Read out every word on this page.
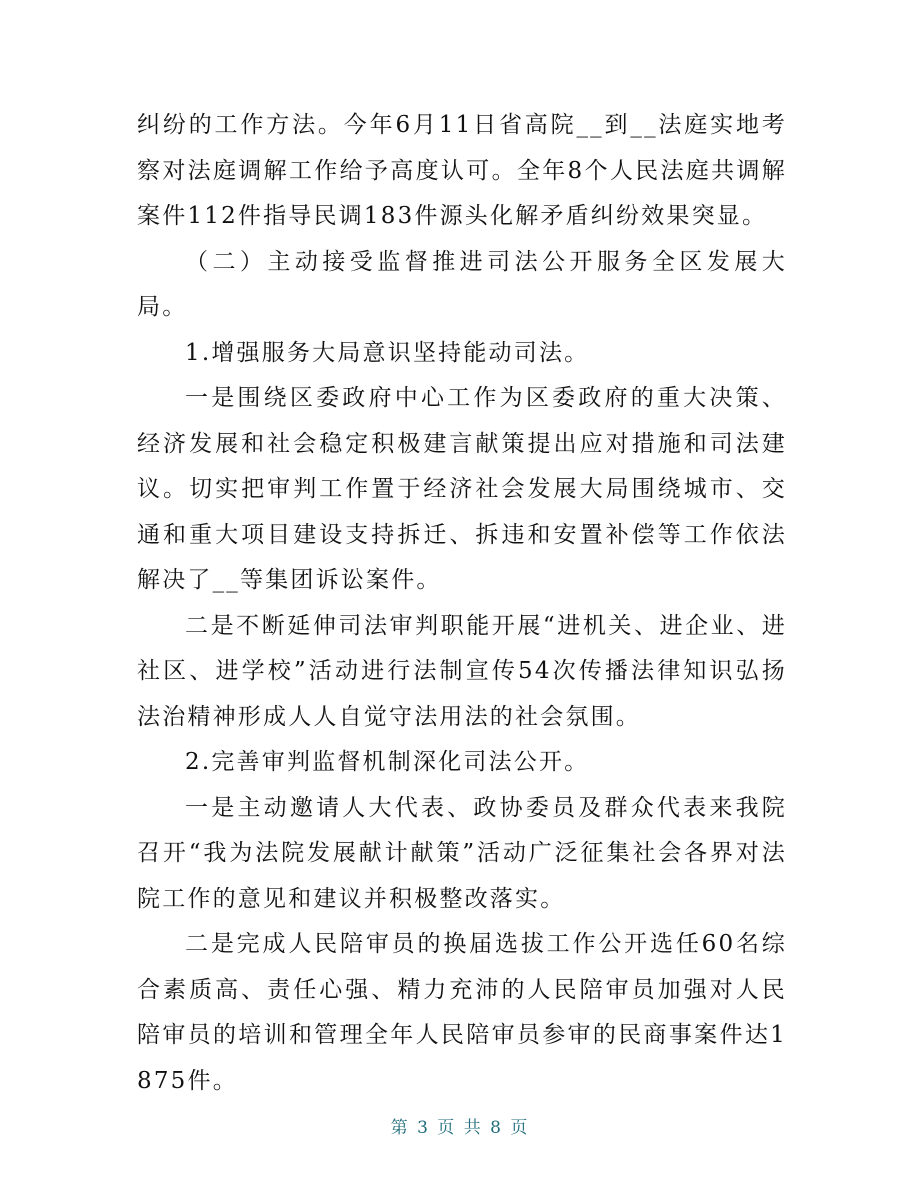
纠纷的工作方法。今年6月11日省高院__到__法庭实地考察对法庭调解工作给予高度认可。全年8个人民法庭共调解案件112件指导民调183件源头化解矛盾纠纷效果突显。

（二）主动接受监督推进司法公开服务全区发展大　局。

1.增强服务大局意识坚持能动司法。

一是围绕区委政府中心工作为区委政府的重大决策、经济发展和社会稳定积极建言献策提出应对措施和司法建议。切实把审判工作置于经济社会发展大局围绕城市、交通和重大项目建设支持拆迁、拆违和安置补偿等工作依法解决了__等集团诉讼案件。

二是不断延伸司法审判职能开展“进机关、进企业、进社区、进学校”活动进行法制宣传54次传播法律知识弘扬法治精神形成人人自觉守法用法的社会氛围。

2.完善审判监督机制深化司法公开。

一是主动邀请人大代表、政协委员及群众代表来我院召开“我为法院发展献计献策”活动广泛征集社会各界对法院工作的意见和建议并积极整改落实。

二是完成人民陪审员的换届选拔工作公开选任60名综合素质高、责任心强、精力充沛的人民陪审员加强对人民陪审员的培训和管理全年人民陪审员参审的民商事案件达1875件。

第 3 页 共 8 页
